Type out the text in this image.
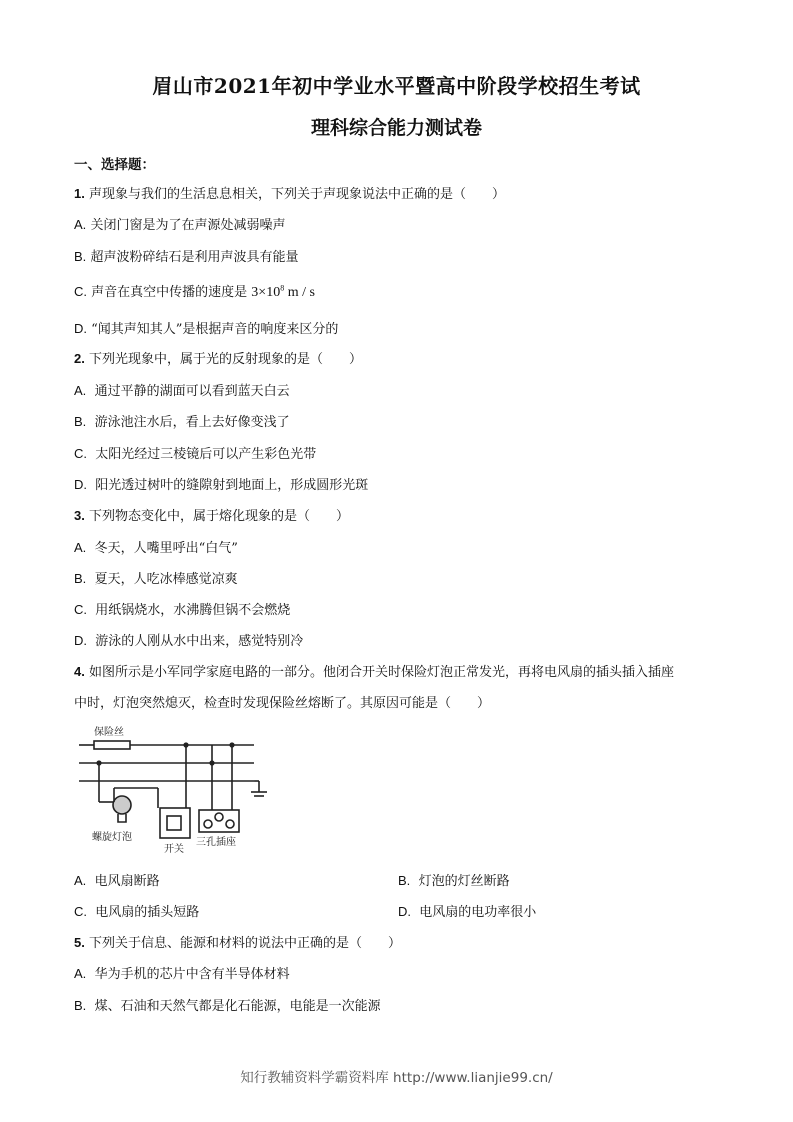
眉山市2021年初中学业水平暨高中阶段学校招生考试
理科综合能力测试卷
一、选择题：
1. 声现象与我们的生活息息相关，下列关于声现象说法中正确的是（　　）
A. 关闭门窗是为了在声源处减弱噪声
B. 超声波粉碎结石是利用声波具有能量
C. 声音在真空中传播的速度是 $3\times 10^8$ m / s
D. “闻其声知其人”是根据声音的响度来区分的
2. 下列光现象中，属于光的反射现象的是（　　）
A. 通过平静的湖面可以看到蓝天白云
B. 游泳池注水后，看上去好像变浅了
C. 太阳光经过三棱镜后可以产生彩色光带
D. 阳光透过树叶的缝隙射到地面上，形成圆形光斑
3. 下列物态变化中，属于熔化现象的是（　　）
A. 冬天，人嘴里呼出“白气”
B. 夏天，人吃冰棒感觉凉爽
C. 用纸锅烧水，水沸腾但锅不会燃烧
D. 游泳的人刚从水中出来，感觉特别冷
4. 如图所示是小军同学家庭电路的一部分。他闭合开关时保险灯泡正常发光，再将电风扇的插头插入插座
中时，灯泡突然熄灭，检查时发现保险丝熔断了。其原因可能是（　　）
保险丝
螺旋灯泡
开关
三孔插座
A. 电风扇断路	B. 灯泡的灯丝断路
C. 电风扇的插头短路	D. 电风扇的电功率很小
5. 下列关于信息、能源和材料的说法中正确的是（　　）
A. 华为手机的芯片中含有半导体材料
B. 煤、石油和天然气都是化石能源，电能是一次能源
知行教辅资料学霸资料库 http://www.lianjie99.cn/
